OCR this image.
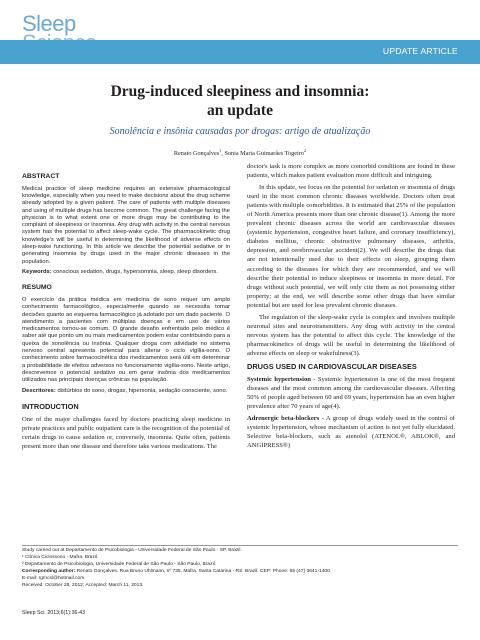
Sleep
UPDATE ARTICLE
Drug-induced sleepiness and insomnia:
an update
Sonolência e insônia causadas por drogas: artigo de atualização
Renato Gonçalves$^1$, Sonia Maria Guimarães Togeiro$^2$
ABSTRACT

Medical practice of sleep medicine requires an extensive pharmacological knowledge, especially when you need to make decisions about the drug scheme already adopted by a given patient. The care of patients with multiple diseases and using of multiple drugs has become common. The great challenge facing the physician is to what extent one or more drugs may be contributing to the complaint of sleepiness or insomnia. Any drug with activity in the central nervous system has the potential to affect sleep-wake cycle. The pharmacokinetic drug knowledge's will be useful in determining the likelihood of adverse effects on sleep-wake functioning. In this article we describe the potential sedative or in generating insomnia by drugs used in the major chronic diseases in the population.

Keywords: conscious sedation, drugs, hypersomnia, sleep, sleep disorders.

RESUMO

O exercício da prática médica em medicina de sono requer um amplo conhecimento farmacológico, especialmente quando se necessita tomar decisões quanto ao esquema farmacológico já adotado por um dado paciente. O atendimento a pacientes com múltiplas doenças e em uso de vários medicamentos tornou-se comum. O grande desafio enfrentado pelo médico é saber até que ponto um ou mais medicamentos podem estar contribuindo para a queixa de sonolência ou insônia. Qualquer droga com atividade no sistema nervoso central apresenta potencial para alterar o ciclo vigília-sono. O conhecimento sobre farmacocinética dos medicamentos será útil em determinar a probabilidade de efeitos adversos no funcionamento vigília-sono. Neste artigo, descrevemos o potencial sedativo ou em gerar insônia dos medicamentos utilizados nas principais doenças crônicas na população.

Descritores: distúrbios do sono, drogas, hipersonia, sedação consciente, sono.

INTRODUCTION

One of the major challenges faced by doctors practicing sleep medicine in private practices and public outpatient care is the recognition of the potential of certain drugs to cause sedation or, conversely, insomnia. Quite often, patients present more than one disease and therefore take various medications. The

doctor's task is more complex as more comorbid conditions are found in these patients, which makes patient evaluation more difficult and intriguing.

In this update, we focus on the potential for sedation or insomnia of drugs used in the most common chronic diseases worldwide. Doctors often treat patients with multiple comorbidities. It is estimated that 25% of the population of North America presents more than one chronic disease(1). Among the more prevalent chronic diseases across the world are cardiovascular diseases (systemic hypertension, congestive heart failure, and coronary insufficiency), diabetes mellitus, chronic obstructive pulmonary diseases, arthritis, depression, and cerebrovascular accident(2). We will describe the drugs that are not intentionally used due to their effects on sleep, grouping them according to the diseases for which they are recommended, and we will describe their potential to induce sleepiness or insomnia in more detail. For drugs without such potential, we will only cite them as not possessing either property; at the end, we will describe some other drugs that have similar potential but are used for less prevalent chronic diseases.

The regulation of the sleep-wake cycle is complex and involves multiple neuronal sites and neurotransmitters. Any drug with activity in the central nervous system has the potential to affect this cycle. The knowledge of the pharmacokinetics of drugs will be useful in determining the likelihood of adverse effects on sleep or wakefulness(3).

DRUGS USED IN CARDIOVASCULAR DISEASES

Systemic hypertension - Systemic hypertension is one of the most frequent diseases and the most common among the cardiovascular diseases. Affecting 50% of people aged between 60 and 69 years, hypertension has an even higher prevalence after 70 years of age(4).

Adrenergic beta-blockers - A group of drugs widely used in the control of systemic hypertension, whose mechanism of action is not yet fully elucidated. Selective beta-blockers, such as atenolol (ATENOL®, ABLOK®, and ANGIPRESS®)

Study carried out at Departamento de Psicobiologia - Universidade Federal de São Paulo - SP. Brazil.
¹ Clínica Ciclossono - Mafra, Brazil.
² Departamento de Psicobiologia, Universidade Federal de São Paulo - São Paulo, Brazil.
Corresponding author: Renato Gonçalves. Rua Bruno Uhlmann, nº 735. Mafra. Santa Catarina - RS. Brazil. CEP: Phone: 55 (47) 3641-1400.
E-mail: rgmcsl@hotmail.com
Received: October 28, 2012; Accepted: March 11, 2013.
Sleep Sci. 2013;6(1):36-43
